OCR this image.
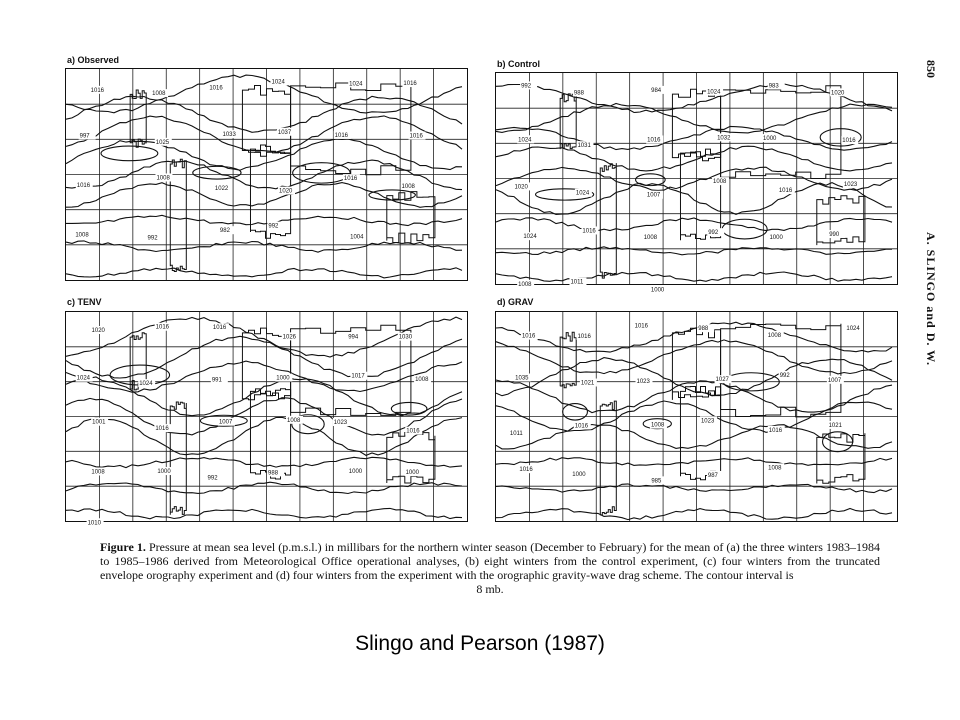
850
A. SLINGO and D. W.
a) Observed
1016
1008
1016
1024	1024	1016
997
1025
1033	1037
1016	1016
1016
1008
1022	1020
1016
1008
1008
992
982
992
1004
b) Control
992
988	984	1024
983
1020
1024
1031
1016	1032	1000	1016
1020
1024	1007
1008
1016
1023
1024
1016
1008
992
1000	990
1008	1011
1000
c) TENV
1020
1016	1016
1026	994	1030
1024
1024
991	1000	1017
1008
1001
1016
1007	1008	1023
1016
1008	1000
992
988	1000	1000
1010
d) GRAV
1016	1016
1016	988
1008
1024
1035
1021	1023	1027
992
1007
1011
1016	1008
1023
1016
1021
1016
1000
985
987
1008
Figure 1. Pressure at mean sea level (p.m.s.l.) in millibars for the northern winter season (December to February) for the mean of (a) the three winters 1983–1984 to 1985–1986 derived from Meteorological Office operational analyses, (b) eight winters from the control experiment, (c) four winters from the truncated envelope orography experiment and (d) four winters from the experiment with the orographic gravity-wave drag scheme. The contour interval is
8 mb.
Slingo and Pearson (1987)
